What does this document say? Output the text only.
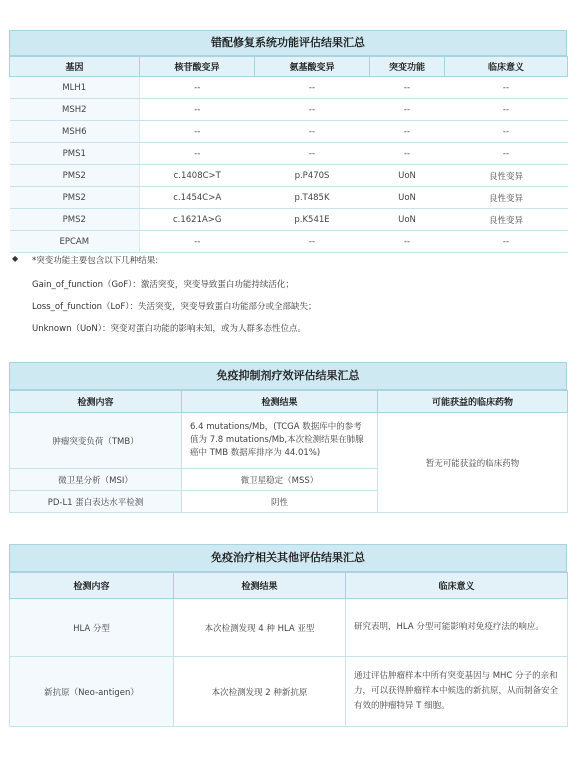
错配修复系统功能评估结果汇总
基因	核苷酸变异	氨基酸变异	突变功能	临床意义
MLH1	--	--	--	--
MSH2	--	--	--	--
MSH6	--	--	--	--
PMS1	--	--	--	--
PMS2	c.1408C>T	p.P470S	UoN	良性变异
PMS2	c.1454C>A	p.T485K	UoN	良性变异
PMS2	c.1621A>G	p.K541E	UoN	良性变异
EPCAM	--	--	--	--
◆ *突变功能主要包含以下几种结果:
Gain_of_function（GoF）：激活突变，突变导致蛋白功能持续活化；
Loss_of_function（LoF）：失活突变，突变导致蛋白功能部分或全部缺失；
Unknown（UoN）：突变对蛋白功能的影响未知，或为人群多态性位点。
免疫抑制剂疗效评估结果汇总
检测内容	检测结果	可能获益的临床药物
肿瘤突变负荷（TMB）	6.4 mutations/Mb，(TCGA 数据库中的参考值为 7.8 mutations/Mb,本次检测结果在肺腺癌中 TMB 数据库排序为 44.01%)	暂无可能获益的临床药物
微卫星分析（MSI）	微卫星稳定（MSS）	
PD-L1 蛋白表达水平检测	阴性	
免疫治疗相关其他评估结果汇总
检测内容	检测结果	临床意义
HLA 分型	本次检测发现 4 种 HLA 亚型	研究表明，HLA 分型可能影响对免疫疗法的响应。
新抗原（Neo-antigen）	本次检测发现 2 种新抗原	通过评估肿瘤样本中所有突变基因与 MHC 分子的亲和力，可以获得肿瘤样本中候选的新抗原，从而制备安全有效的肿瘤特异 T 细胞。
